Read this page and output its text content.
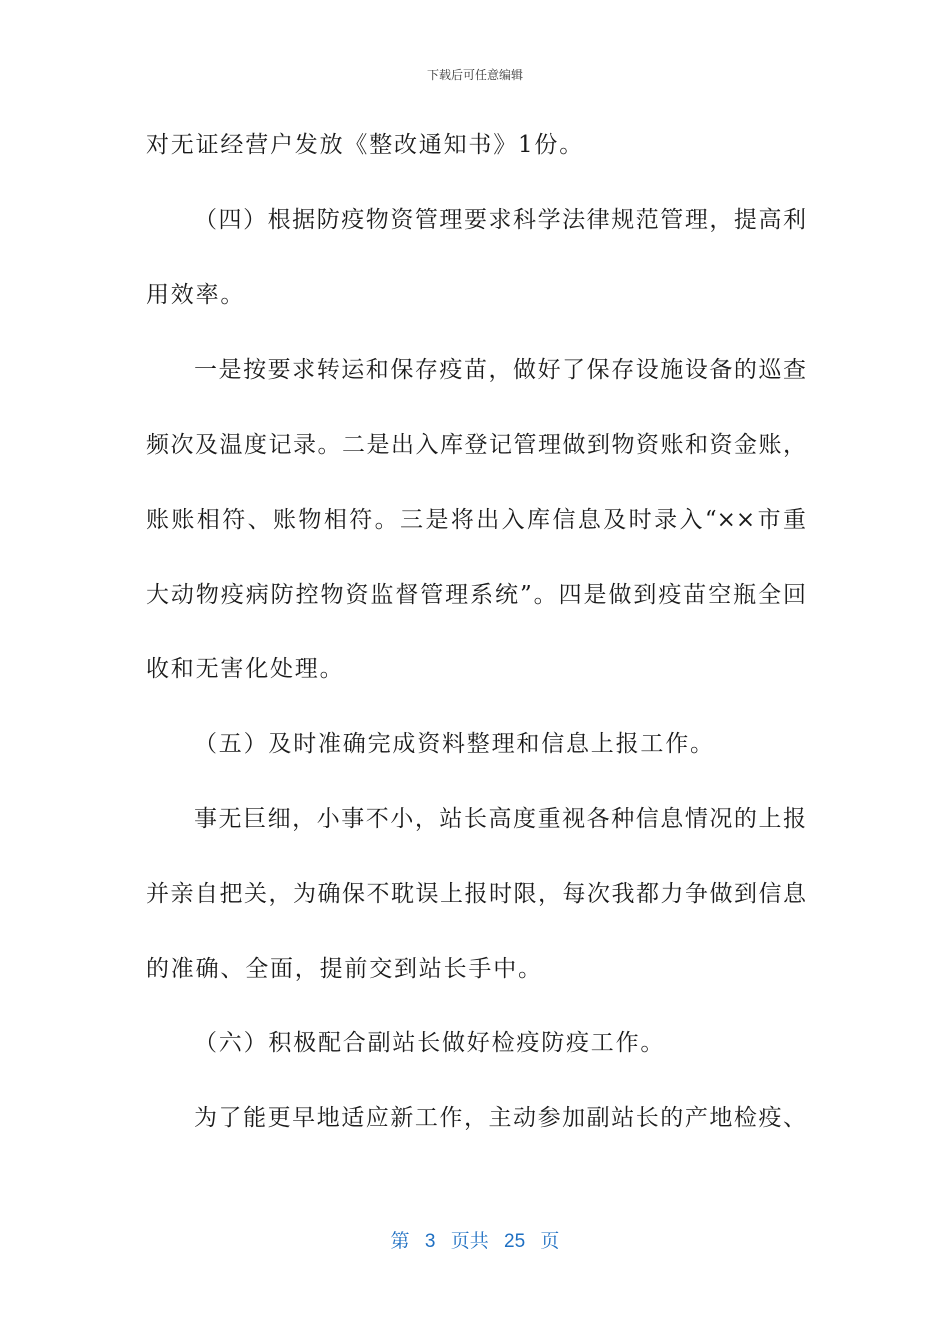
下载后可任意编辑
对无证经营户发放《整改通知书》1份。
（四）根据防疫物资管理要求科学法律规范管理，提高利
用效率。
一是按要求转运和保存疫苗，做好了保存设施设备的巡查
频次及温度记录。二是出入库登记管理做到物资账和资金账，
账账相符、账物相符。三是将出入库信息及时录入“××市重
大动物疫病防控物资监督管理系统”。四是做到疫苗空瓶全回
收和无害化处理。
（五）及时准确完成资料整理和信息上报工作。
事无巨细，小事不小，站长高度重视各种信息情况的上报
并亲自把关，为确保不耽误上报时限，每次我都力争做到信息
的准确、全面，提前交到站长手中。
（六）积极配合副站长做好检疫防疫工作。
为了能更早地适应新工作，主动参加副站长的产地检疫、
第 3 页共 25 页
